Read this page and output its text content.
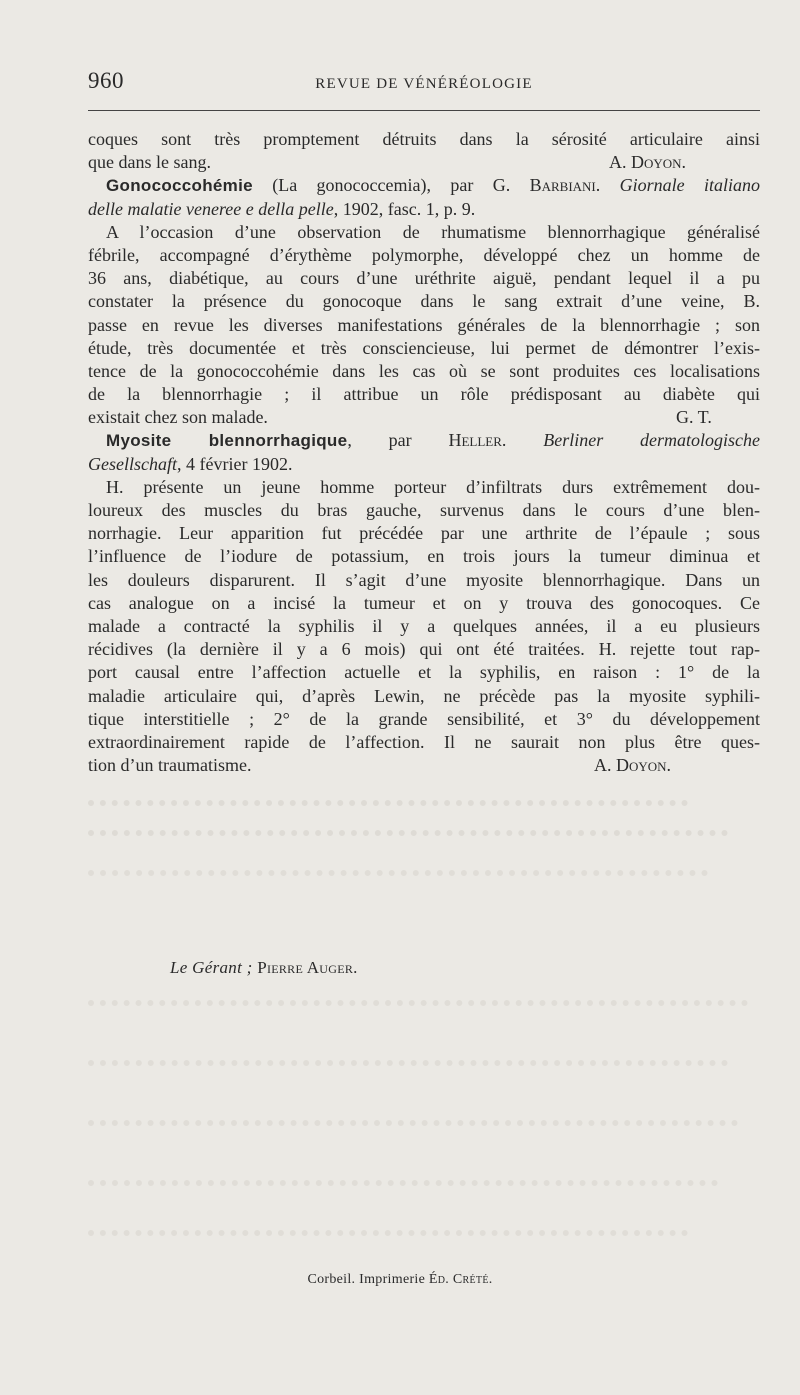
960	REVUE DE VÉNÉRÉOLOGIE
coques sont très promptement détruits dans la sérosité articulaire ainsi
que dans le sang.	A. Doyon.
Gonococcohémie (La gonococcemia), par G. Barbiani. Giornale italiano
delle malatie veneree e della pelle, 1902, fasc. 1, p. 9.
A l’occasion d’une observation de rhumatisme blennorrhagique généralisé
fébrile, accompagné d’érythème polymorphe, développé chez un homme de
36 ans, diabétique, au cours d’une uréthrite aiguë, pendant lequel il a pu
constater la présence du gonocoque dans le sang extrait d’une veine, B.
passe en revue les diverses manifestations générales de la blennorrhagie ; son
étude, très documentée et très consciencieuse, lui permet de démontrer l’exis-
tence de la gonococcohémie dans les cas où se sont produites ces localisations
de la blennorrhagie ; il attribue un rôle prédisposant au diabète qui
existait chez son malade.	G. T.
Myosite blennorrhagique, par Heller. Berliner dermatologische
Gesellschaft, 4 février 1902.
H. présente un jeune homme porteur d’infiltrats durs extrêmement dou-
loureux des muscles du bras gauche, survenus dans le cours d’une blen-
norrhagie. Leur apparition fut précédée par une arthrite de l’épaule ; sous
l’influence de l’iodure de potassium, en trois jours la tumeur diminua et
les douleurs disparurent. Il s’agit d’une myosite blennorrhagique. Dans un
cas analogue on a incisé la tumeur et on y trouva des gonocoques. Ce
malade a contracté la syphilis il y a quelques années, il a eu plusieurs
récidives (la dernière il y a 6 mois) qui ont été traitées. H. rejette tout rap-
port causal entre l’affection actuelle et la syphilis, en raison : 1° de la
maladie articulaire qui, d’après Lewin, ne précède pas la myosite syphili-
tique interstitielle ; 2° de la grande sensibilité, et 3° du développement
extraordinairement rapide de l’affection. Il ne saurait non plus être ques-
tion d’un traumatisme.	A. Doyon.
Le Gérant ; Pierre Auger.
Corbeil. Imprimerie Éd. Crété.
